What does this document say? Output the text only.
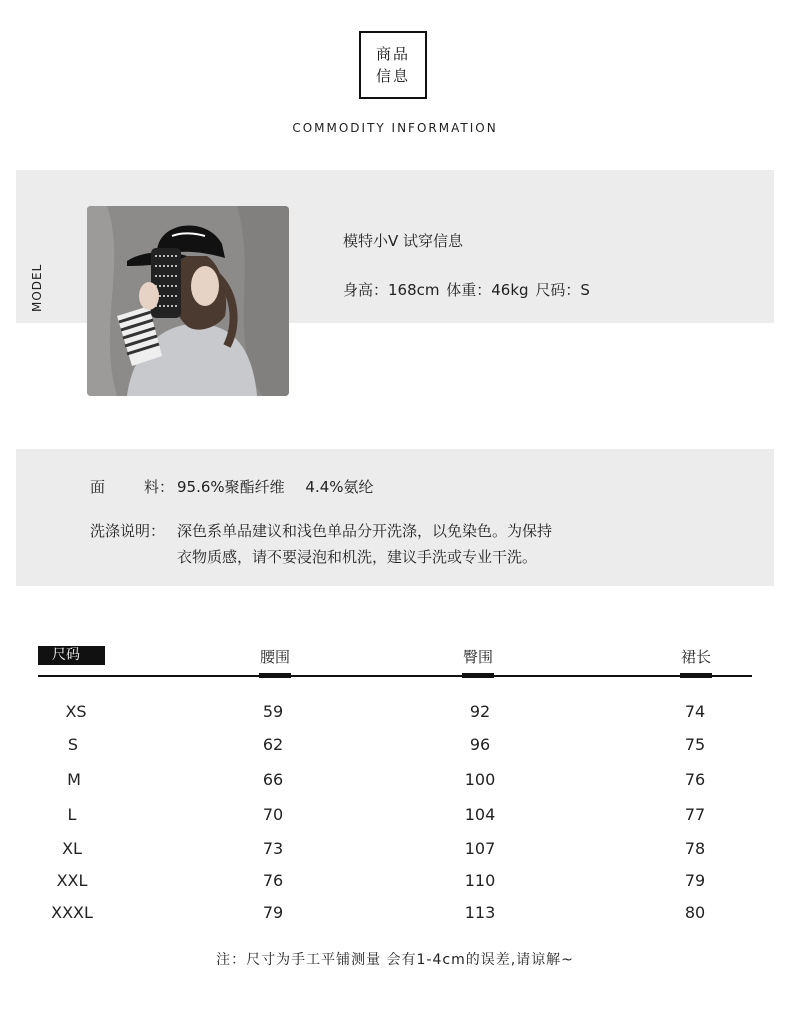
商品
信息
COMMODITY INFORMATION
MODEL
模特小V 试穿信息
身高：168cm 体重：46kg 尺码：S
面	料： 95.6%聚酯纤维 4.4%氨纶
洗涤说明： 深色系单品建议和浅色单品分开洗涤，以免染色。为保持
衣物质感，请不要浸泡和机洗，建议手洗或专业干洗。
尺码	腰围	臀围	裙长
XS	59	92	74
S	62	96	75
M	66	100	76
L	70	104	77
XL	73	107	78
XXL	76	110	79
XXXL	79	113	80
注：尺寸为手工平铺测量 会有1-4cm的误差,请谅解~
